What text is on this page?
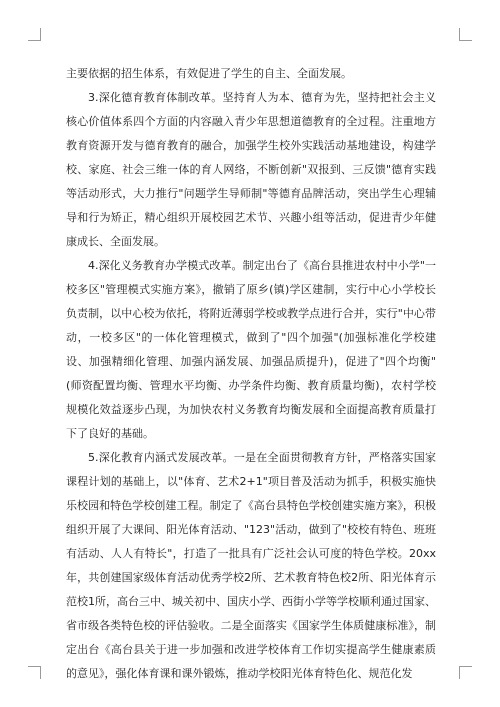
主要依据的招生体系，有效促进了学生的自主、全面发展。

3.深化德育教育体制改革。坚持育人为本、德育为先，坚持把社会主义核心价值体系四个方面的内容融入青少年思想道德教育的全过程。注重地方教育资源开发与德育教育的融合，加强学生校外实践活动基地建设，构建学校、家庭、社会三维一体的育人网络，不断创新"双报到、三反馈"德育实践等活动形式，大力推行"问题学生导师制"等德育品牌活动，突出学生心理辅导和行为矫正，精心组织开展校园艺术节、兴趣小组等活动，促进青少年健康成长、全面发展。

4.深化义务教育办学模式改革。制定出台了《高台县推进农村中小学"一校多区"管理模式实施方案》，撤销了原乡(镇)学区建制，实行中心小学校长负责制，以中心校为依托，将附近薄弱学校或教学点进行合并，实行"中心带动，一校多区"的一体化管理模式，做到了"四个加强"(加强标准化学校建设、加强精细化管理、加强内涵发展、加强品质提升)，促进了"四个均衡"(师资配置均衡、管理水平均衡、办学条件均衡、教育质量均衡)，农村学校规模化效益逐步凸现，为加快农村义务教育均衡发展和全面提高教育质量打下了良好的基础。

5.深化教育内涵式发展改革。一是在全面贯彻教育方针，严格落实国家课程计划的基础上，以"体育、艺术2+1"项目普及活动为抓手，积极实施快乐校园和特色学校创建工程。制定了《高台县特色学校创建实施方案》，积极组织开展了大课间、阳光体育活动、"123"活动，做到了"校校有特色、班班有活动、人人有特长"，打造了一批具有广泛社会认可度的特色学校。20xx年，共创建国家级体育活动优秀学校2所、艺术教育特色校2所、阳光体育示范校1所，高台三中、城关初中、国庆小学、西街小学等学校顺利通过国家、省市级各类特色校的评估验收。二是全面落实《国家学生体质健康标准》，制定出台《高台县关于进一步加强和改进学校体育工作切实提高学生健康素质的意见》，强化体育课和课外锻炼，推动学校阳光体育特色化、规范化发
